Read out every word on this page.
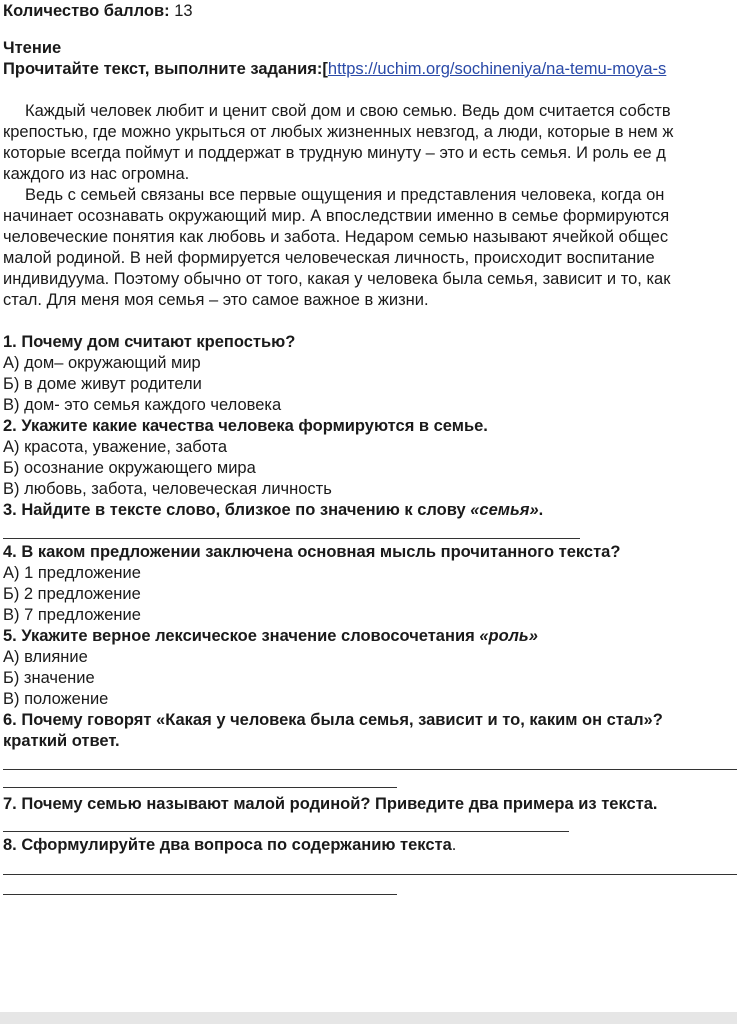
Количество баллов: 13
Чтение
Прочитайте текст, выполните задания:[https://uchim.org/sochineniya/na-temu-moya-s
Каждый человек любит и ценит свой дом и свою семью. Ведь дом считается собств
крепостью, где можно укрыться от любых жизненных невзгод, а люди, которые в нем ж
которые всегда поймут и поддержат в трудную минуту – это и есть семья. И роль ее д
каждого из нас огромна.
Ведь с семьей связаны все первые ощущения и представления человека, когда он
начинает осознавать окружающий мир. А впоследствии именно в семье формируются
человеческие понятия как любовь и забота. Недаром семью называют ячейкой общес
малой родиной. В ней формируется человеческая личность, происходит воспитание
индивидуума. Поэтому обычно от того, какая у человека была семья, зависит и то, как
стал. Для меня моя семья – это самое важное в жизни.
1. Почему дом считают крепостью?
А) дом– окружающий мир
Б) в доме живут родители
В) дом- это семья каждого человека
2. Укажите какие качества человека формируются в семье.
А) красота, уважение, забота
Б) осознание окружающего мира
В) любовь, забота, человеческая личность
3. Найдите в тексте слово, близкое по значению к слову «семья».
4. В каком предложении заключена основная мысль прочитанного текста?
А) 1 предложение
Б) 2 предложение
В) 7 предложение
5. Укажите верное лексическое значение словосочетания «роль»
А) влияние
Б) значение
В) положение
6. Почему говорят «Какая у человека была семья, зависит и то, каким он стал»?
краткий ответ.
7. Почему семью называют малой родиной? Приведите два примера из текста.
8. Сформулируйте два вопроса по содержанию текста.
